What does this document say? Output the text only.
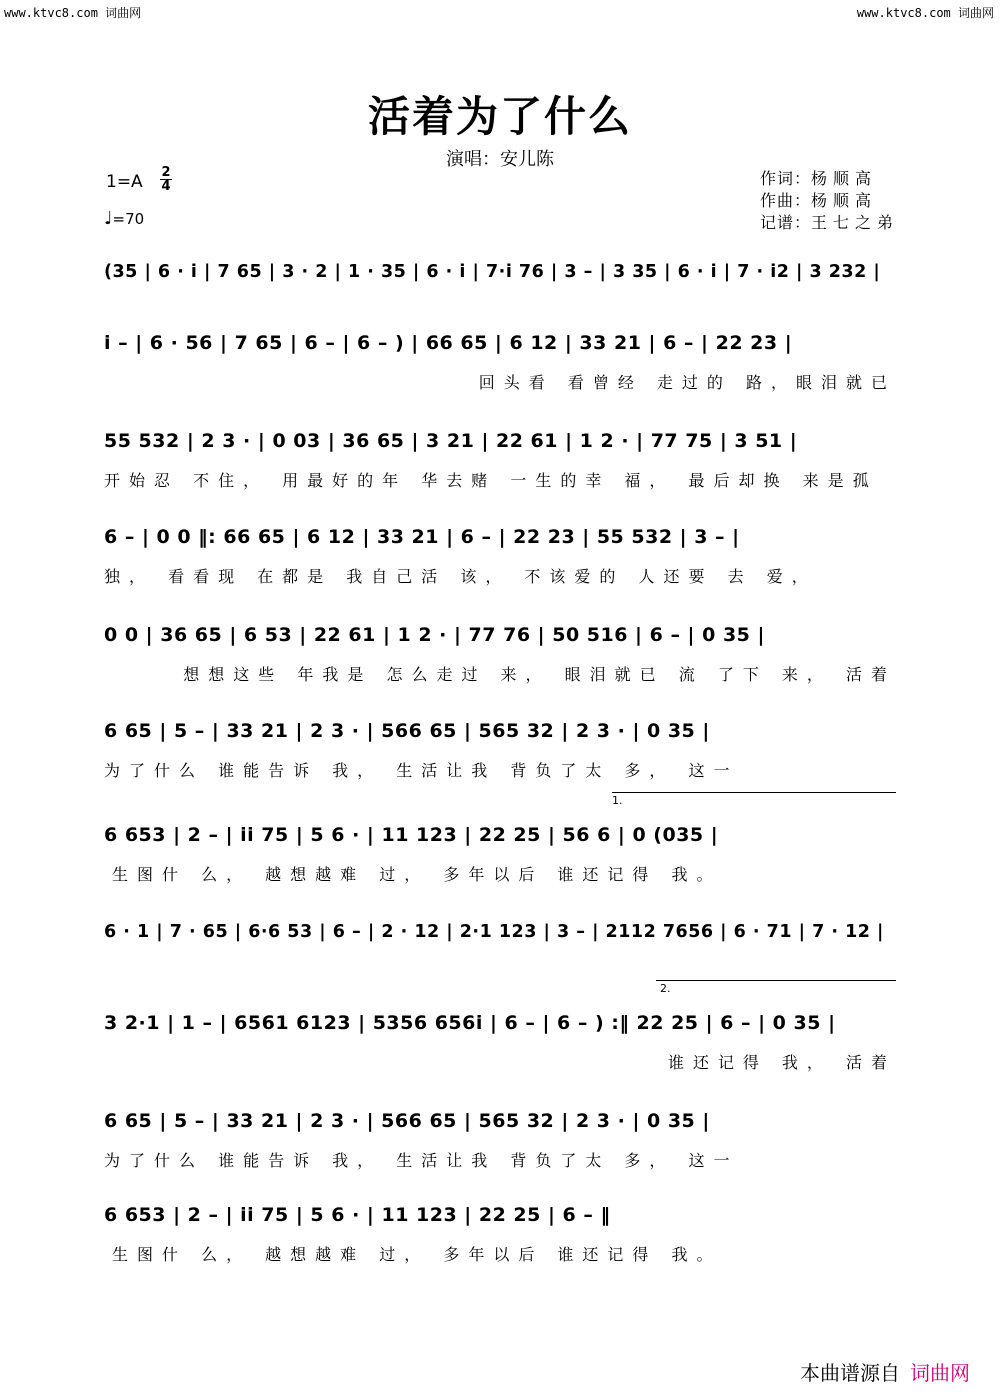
www.ktvc8.com 词曲网	www.ktvc8.com 词曲网
活着为了什么
演唱：安儿陈
1=A 2
4
♩=70
作词：杨顺高
作曲：杨顺高
记谱：王七之弟
(35 | 6 · i | 7 65 | 3 · 2 | 1 · 35 | 6 · i | 7·i 76 | 3 – | 3 35 | 6 · i | 7 · i2 | 3 232 |
i – | 6 · 56 | 7 65 | 6 – | 6 – ) | 66 65 | 6 12 | 33 21 | 6 – | 22 23 |
回头看 看曾经 走过的 路，眼泪就已
55 532 | 2 3 · | 0 03 | 36 65 | 3 21 | 22 61 | 1 2 · | 77 75 | 3 51 |
开始忍 不住， 用最好的年 华去赌 一生的幸 福， 最后却换 来是孤
6 – | 0 0 ‖: 66 65 | 6 12 | 33 21 | 6 – | 22 23 | 55 532 | 3 – |
独， 看看现 在都是 我自己活 该， 不该爱的 人还要 去 爱，
0 0 | 36 65 | 6 53 | 22 61 | 1 2 · | 77 76 | 50 516 | 6 – | 0 35 |
想想这些 年我是 怎么走过 来， 眼泪就已 流 了下 来， 活着
6 65 | 5 – | 33 21 | 2 3 · | 566 65 | 565 32 | 2 3 · | 0 35 |
为了什么 谁能告诉 我， 生活让我 背负了太 多， 这一
1.
6 653 | 2 – | ii 75 | 5 6 · | 11 123 | 22 25 | 56 6 | 0 (035 |
生图什 么， 越想越难 过， 多年以后 谁还记得 我。
6 · 1 | 7 · 65 | 6·6 53 | 6 – | 2 · 12 | 2·1 123 | 3 – | 2112 7656 | 6 · 71 | 7 · 12 |
2.
3 2·1 | 1 – | 6561 6123 | 5356 656i | 6 – | 6 – ) :‖ 22 25 | 6 – | 0 35 |
谁还记得 我， 活着
6 65 | 5 – | 33 21 | 2 3 · | 566 65 | 565 32 | 2 3 · | 0 35 |
为了什么 谁能告诉 我， 生活让我 背负了太 多， 这一
6 653 | 2 – | ii 75 | 5 6 · | 11 123 | 22 25 | 6 – ‖
生图什 么， 越想越难 过， 多年以后 谁还记得 我。
本曲谱源自 词曲网
